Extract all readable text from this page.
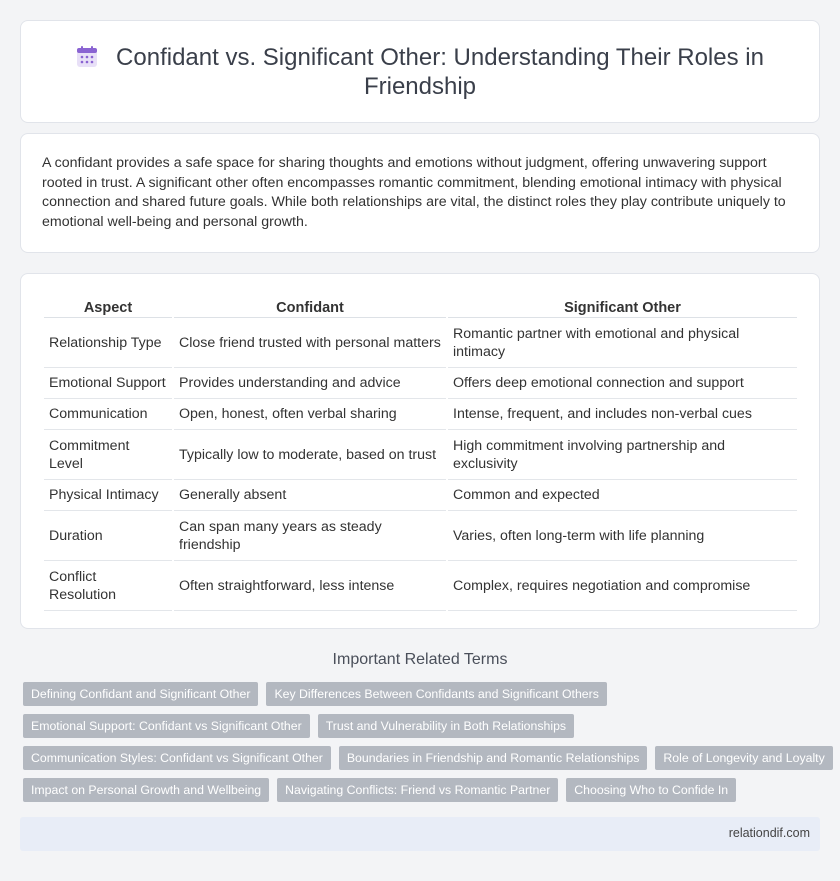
Confidant vs. Significant Other: Understanding Their Roles in Friendship

A confidant provides a safe space for sharing thoughts and emotions without judgment, offering unwavering support rooted in trust. A significant other often encompasses romantic commitment, blending emotional intimacy with physical connection and shared future goals. While both relationships are vital, the distinct roles they play contribute uniquely to emotional well-being and personal growth.

Aspect	Confidant	Significant Other
Relationship Type	Close friend trusted with personal matters	Romantic partner with emotional and physical intimacy
Emotional Support	Provides understanding and advice	Offers deep emotional connection and support
Communication	Open, honest, often verbal sharing	Intense, frequent, and includes non-verbal cues
Commitment Level	Typically low to moderate, based on trust	High commitment involving partnership and exclusivity
Physical Intimacy	Generally absent	Common and expected
Duration	Can span many years as steady friendship	Varies, often long-term with life planning
Conflict Resolution	Often straightforward, less intense	Complex, requires negotiation and compromise
Important Related Terms
Defining Confidant and Significant Other	Key Differences Between Confidants and Significant Others
Emotional Support: Confidant vs Significant Other	Trust and Vulnerability in Both Relationships
Communication Styles: Confidant vs Significant Other	Boundaries in Friendship and Romantic Relationships	Role of Longevity and Loyalty
Impact on Personal Growth and Wellbeing	Navigating Conflicts: Friend vs Romantic Partner	Choosing Who to Confide In
relationdif.com
